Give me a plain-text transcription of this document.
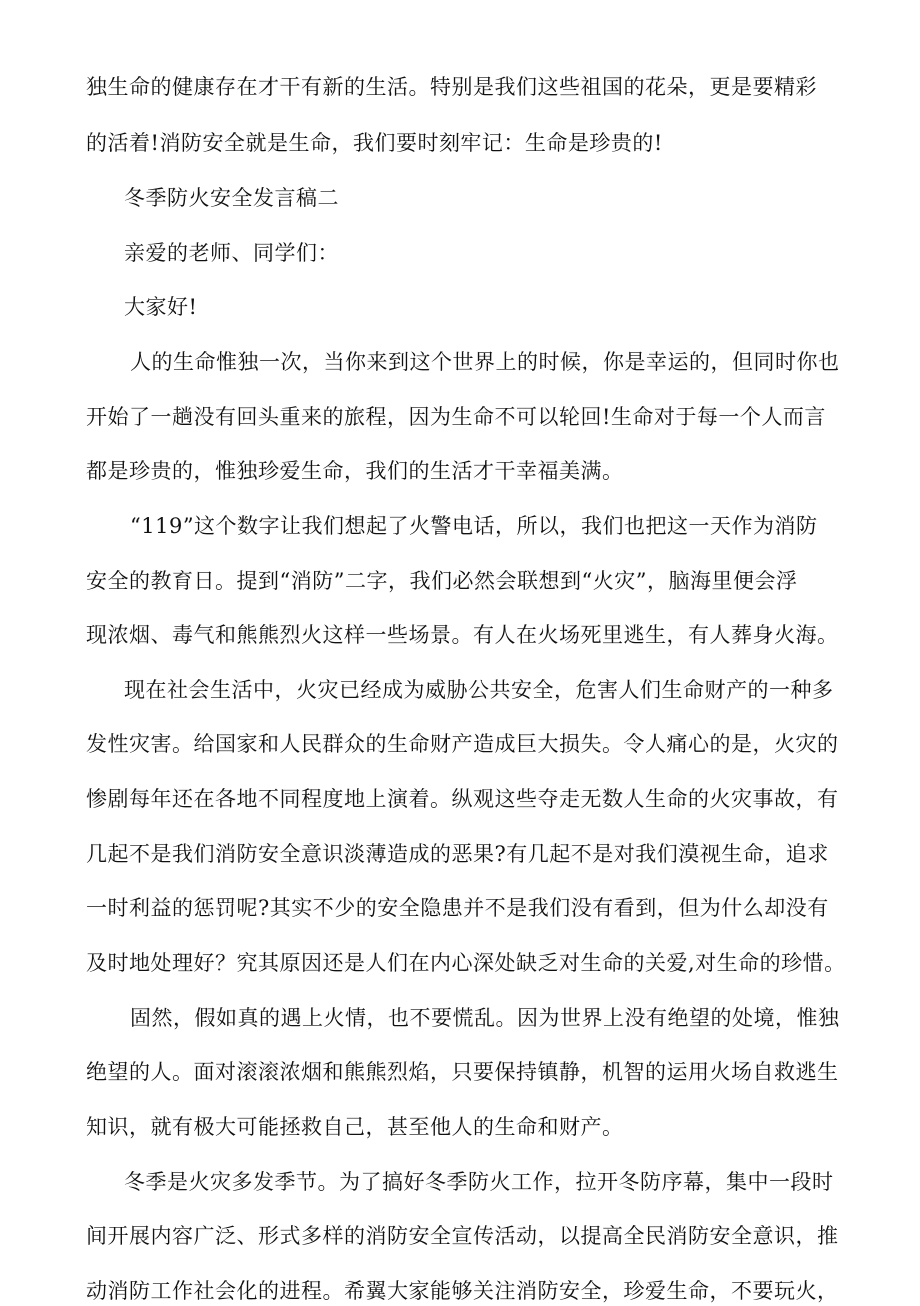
独生命的健康存在才干有新的生活。特别是我们这些祖国的花朵，更是要精彩
的活着!消防安全就是生命，我们要时刻牢记：生命是珍贵的!
冬季防火安全发言稿二
亲爱的老师、同学们：
大家好!
人的生命惟独一次，当你来到这个世界上的时候，你是幸运的，但同时你也
开始了一趟没有回头重来的旅程，因为生命不可以轮回!生命对于每一个人而言
都是珍贵的，惟独珍爱生命，我们的生活才干幸福美满。
“119”这个数字让我们想起了火警电话，所以，我们也把这一天作为消防
安全的教育日。提到“消防”二字，我们必然会联想到“火灾”，脑海里便会浮
现浓烟、毒气和熊熊烈火这样一些场景。有人在火场死里逃生，有人葬身火海。
现在社会生活中，火灾已经成为威胁公共安全，危害人们生命财产的一种多
发性灾害。给国家和人民群众的生命财产造成巨大损失。令人痛心的是，火灾的
惨剧每年还在各地不同程度地上演着。纵观这些夺走无数人生命的火灾事故，有
几起不是我们消防安全意识淡薄造成的恶果?有几起不是对我们漠视生命，追求
一时利益的惩罚呢?其实不少的安全隐患并不是我们没有看到，但为什么却没有
及时地处理好？究其原因还是人们在内心深处缺乏对生命的关爱,对生命的珍惜。
固然，假如真的遇上火情，也不要慌乱。因为世界上没有绝望的处境，惟独
绝望的人。面对滚滚浓烟和熊熊烈焰，只要保持镇静，机智的运用火场自救逃生
知识，就有极大可能拯救自己，甚至他人的生命和财产。
冬季是火灾多发季节。为了搞好冬季防火工作，拉开冬防序幕，集中一段时
间开展内容广泛、形式多样的消防安全宣传活动，以提高全民消防安全意识，推
动消防工作社会化的进程。希翼大家能够关注消防安全，珍爱生命，不要玩火，
